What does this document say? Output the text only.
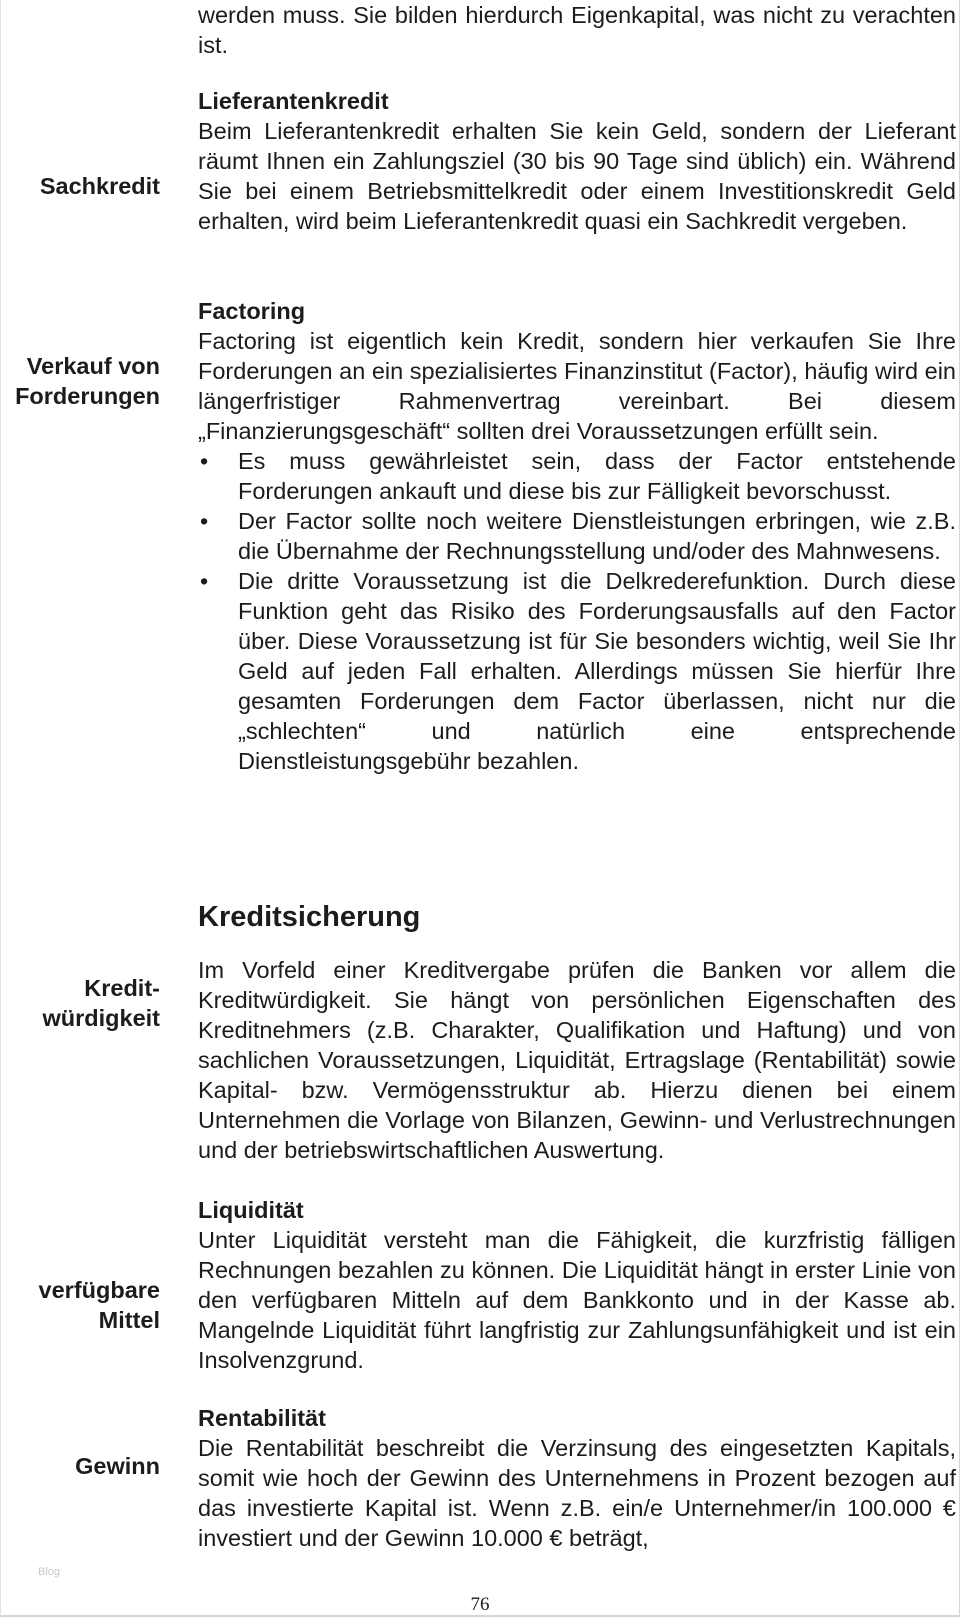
werden muss. Sie bilden hierdurch Eigenkapital, was nicht zu verachten ist.

Sachkredit

Lieferantenkredit

Beim Lieferantenkredit erhalten Sie kein Geld, sondern der Lieferant räumt Ihnen ein Zahlungsziel (30 bis 90 Tage sind üblich) ein. Während Sie bei einem Betriebsmittelkredit oder einem Investitionskredit Geld erhalten, wird beim Lieferantenkredit quasi ein Sachkredit vergeben.

Verkauf von
Forderungen
Factoring

Factoring ist eigentlich kein Kredit, sondern hier verkaufen Sie Ihre Forderungen an ein spezialisiertes Finanzinstitut (Factor), häufig wird ein längerfristiger Rahmenvertrag vereinbart. Bei diesem „Finanzierungsgeschäft“ sollten drei Voraussetzungen erfüllt sein.

•	Es muss gewährleistet sein, dass der Factor entstehende Forderungen ankauft und diese bis zur Fälligkeit bevorschusst.
•	Der Factor sollte noch weitere Dienstleistungen erbringen, wie z.B. die Übernahme der Rechnungsstellung und/oder des Mahnwesens.
•	Die dritte Voraussetzung ist die Delkrederefunktion. Durch diese Funktion geht das Risiko des Forderungsausfalls auf den Factor über. Diese Voraussetzung ist für Sie besonders wichtig, weil Sie Ihr Geld auf jeden Fall erhalten. Allerdings müssen Sie hierfür Ihre gesamten Forderungen dem Factor überlassen, nicht nur die „schlechten“ und natürlich eine entsprechende Dienstleistungsgebühr bezahlen.
Kreditsicherung
Kredit-
würdigkeit

Im Vorfeld einer Kreditvergabe prüfen die Banken vor allem die Kreditwürdigkeit. Sie hängt von persönlichen Eigenschaften des Kreditnehmers (z.B. Charakter, Qualifikation und Haftung) und von sachlichen Voraussetzungen, Liquidität, Ertragslage (Rentabilität) sowie Kapital- bzw. Vermögensstruktur ab. Hierzu dienen bei einem Unternehmen die Vorlage von Bilanzen, Gewinn- und Verlustrechnungen und der betriebswirtschaftlichen Auswertung.

Liquidität

Unter Liquidität versteht man die Fähigkeit, die kurzfristig fälligen Rechnungen bezahlen zu können. Die Liquidität hängt in erster Linie von den verfügbaren Mitteln auf dem Bankkonto und in der Kasse ab. Mangelnde Liquidität führt langfristig zur Zahlungsunfähigkeit und ist ein Insolvenzgrund.

verfügbare
Mittel
Rentabilität

Die Rentabilität beschreibt die Verzinsung des eingesetzten Kapitals, somit wie hoch der Gewinn des Unternehmens in Prozent bezogen auf das investierte Kapital ist. Wenn z.B. ein/e Unternehmer/in 100.000 € investiert und der Gewinn 10.000 € beträgt,

Gewinn

Blog
76
